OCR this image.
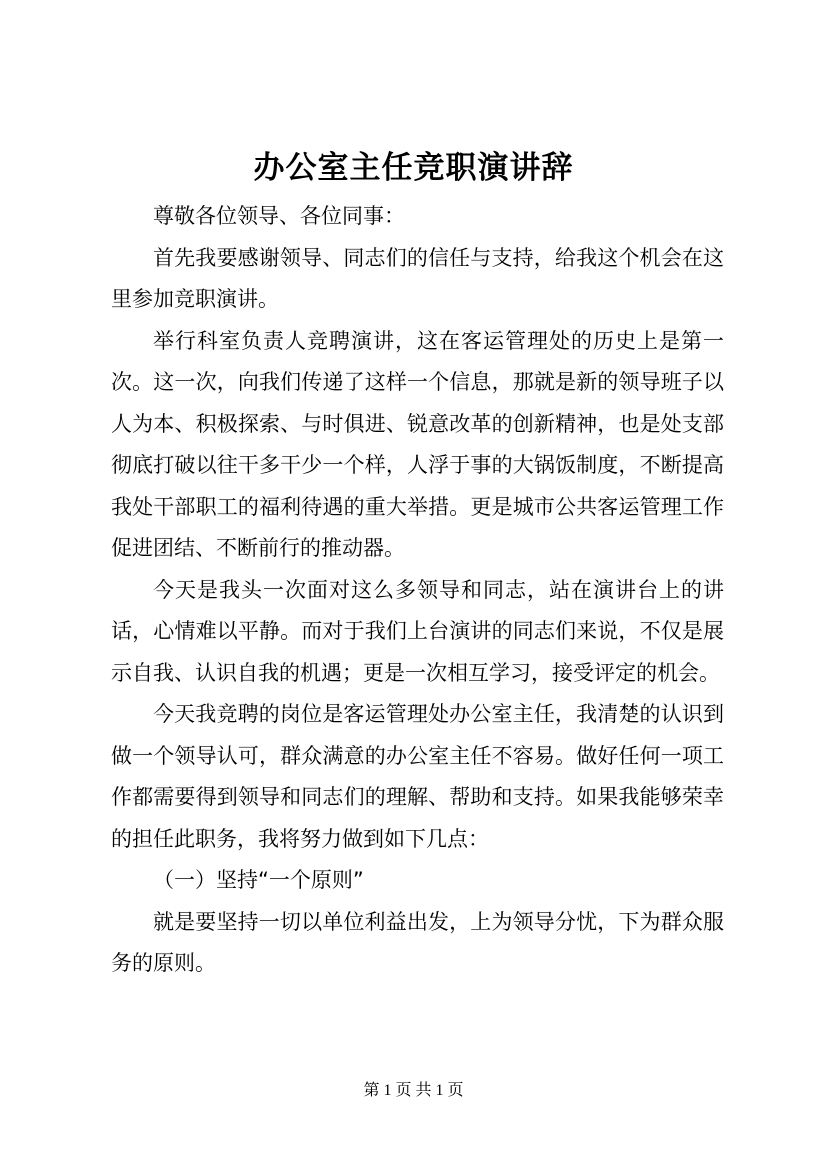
办公室主任竞职演讲辞

尊敬各位领导、各位同事：

首先我要感谢领导、同志们的信任与支持，给我这个机会在这里参加竞职演讲。

举行科室负责人竞聘演讲，这在客运管理处的历史上是第一次。这一次，向我们传递了这样一个信息，那就是新的领导班子以人为本、积极探索、与时俱进、锐意改革的创新精神，也是处支部彻底打破以往干多干少一个样，人浮于事的大锅饭制度，不断提高我处干部职工的福利待遇的重大举措。更是城市公共客运管理工作促进团结、不断前行的推动器。

今天是我头一次面对这么多领导和同志，站在演讲台上的讲话，心情难以平静。而对于我们上台演讲的同志们来说，不仅是展示自我、认识自我的机遇；更是一次相互学习，接受评定的机会。

今天我竞聘的岗位是客运管理处办公室主任，我清楚的认识到做一个领导认可，群众满意的办公室主任不容易。做好任何一项工作都需要得到领导和同志们的理解、帮助和支持。如果我能够荣幸的担任此职务，我将努力做到如下几点：

（一）坚持“一个原则”

就是要坚持一切以单位利益出发，上为领导分忧，下为群众服务的原则。

第 1 页 共 1 页
